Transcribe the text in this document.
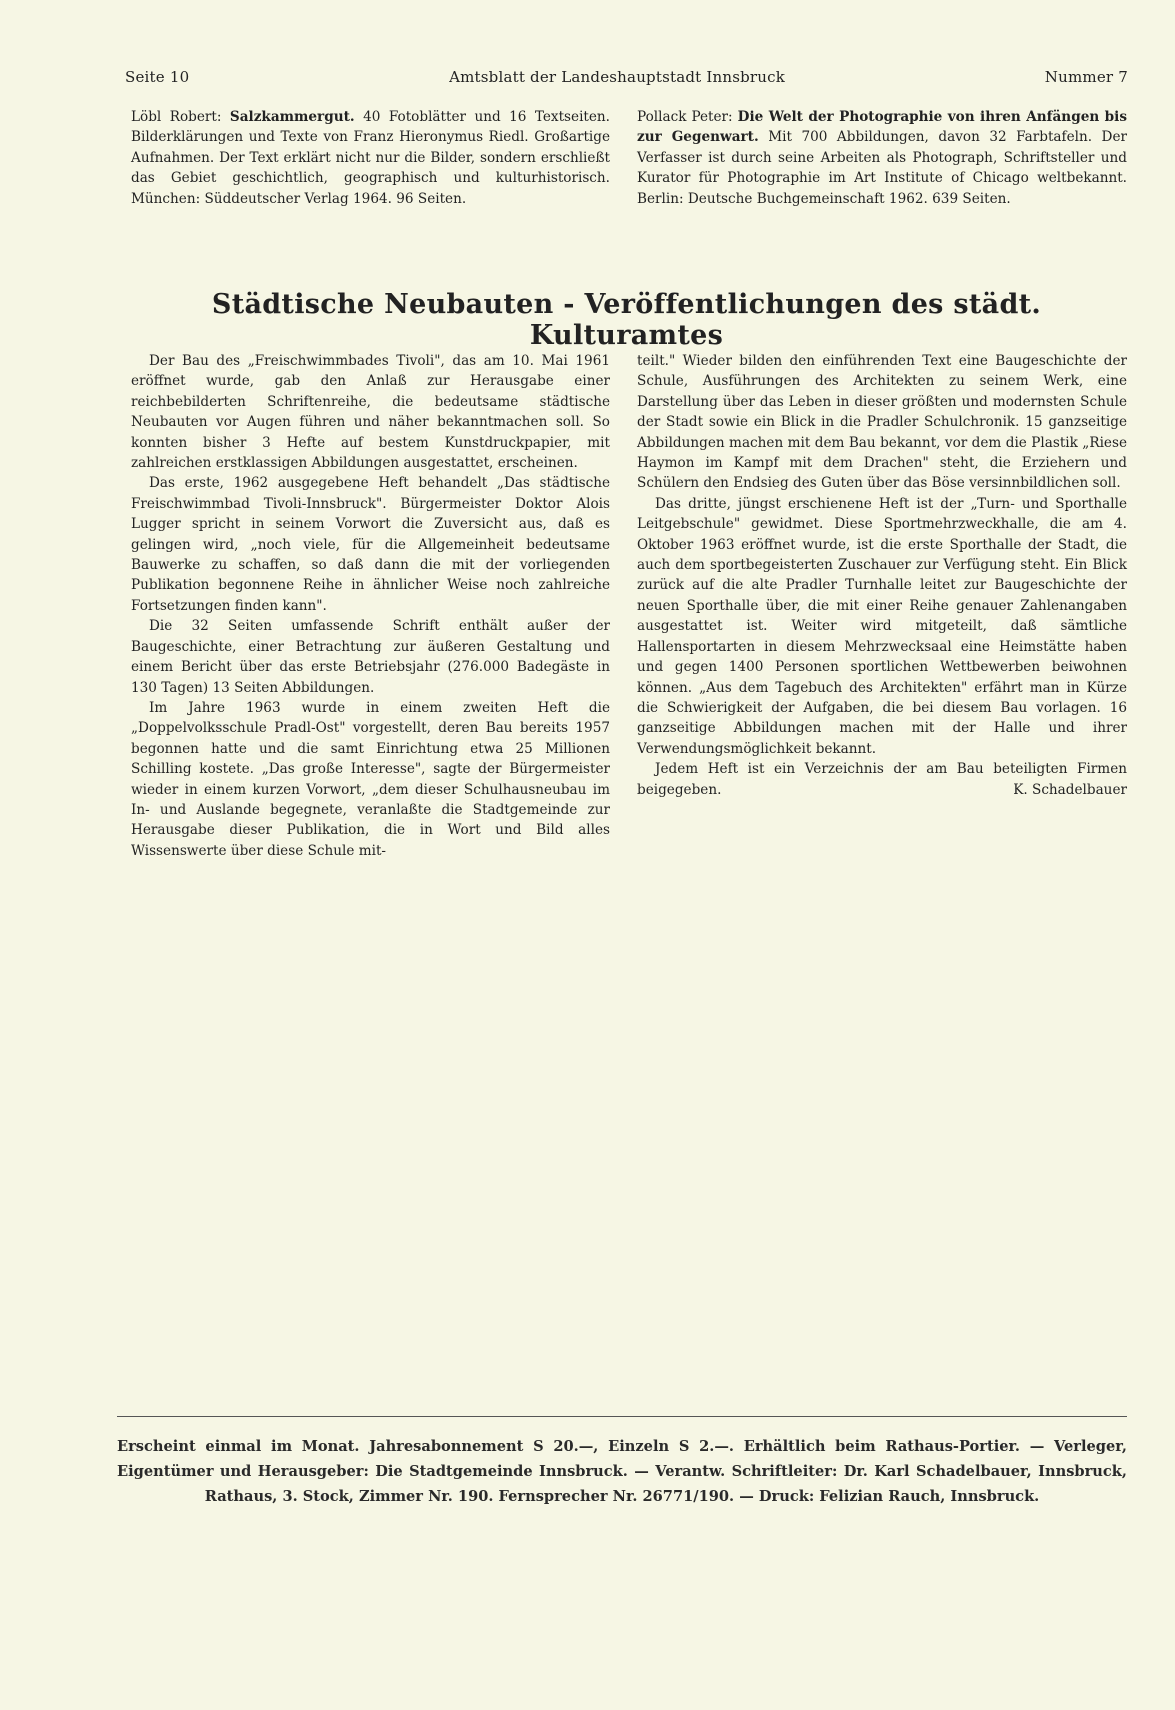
Seite 10	Amtsblatt der Landeshauptstadt Innsbruck	Nummer 7

Löbl Robert: Salzkammergut. 40 Fotoblätter und 16 Textseiten. Bilderklärungen und Texte von Franz Hieronymus Riedl. Großartige Aufnahmen. Der Text erklärt nicht nur die Bilder, sondern erschließt das Gebiet geschichtlich, geographisch und kulturhistorisch. München: Süddeutscher Verlag 1964. 96 Seiten.

Pollack Peter: Die Welt der Photographie von ihren Anfängen bis zur Gegenwart. Mit 700 Abbildungen, davon 32 Farbtafeln. Der Verfasser ist durch seine Arbeiten als Photograph, Schriftsteller und Kurator für Photographie im Art Institute of Chicago weltbekannt. Berlin: Deutsche Buchgemeinschaft 1962. 639 Seiten.

Städtische Neubauten - Veröffentlichungen des städt. Kulturamtes

Der Bau des „Freischwimmbades Tivoli", das am 10. Mai 1961 eröffnet wurde, gab den Anlaß zur Herausgabe einer reichbebilderten Schriftenreihe, die bedeutsame städtische Neubauten vor Augen führen und näher bekanntmachen soll. So konnten bisher 3 Hefte auf bestem Kunstdruckpapier, mit zahlreichen erstklassigen Abbildungen ausgestattet, erscheinen.

Das erste, 1962 ausgegebene Heft behandelt „Das städtische Freischwimmbad Tivoli-Innsbruck". Bürgermeister Doktor Alois Lugger spricht in seinem Vorwort die Zuversicht aus, daß es gelingen wird, „noch viele, für die Allgemeinheit bedeutsame Bauwerke zu schaffen, so daß dann die mit der vorliegenden Publikation begonnene Reihe in ähnlicher Weise noch zahlreiche Fortsetzungen finden kann".

Die 32 Seiten umfassende Schrift enthält außer der Baugeschichte, einer Betrachtung zur äußeren Gestaltung und einem Bericht über das erste Betriebsjahr (276.000 Badegäste in 130 Tagen) 13 Seiten Abbildungen.

Im Jahre 1963 wurde in einem zweiten Heft die „Doppelvolksschule Pradl-Ost" vorgestellt, deren Bau bereits 1957 begonnen hatte und die samt Einrichtung etwa 25 Millionen Schilling kostete. „Das große Interesse", sagte der Bürgermeister wieder in einem kurzen Vorwort, „dem dieser Schulhausneubau im In- und Auslande begegnete, veranlaßte die Stadtgemeinde zur Herausgabe dieser Publikation, die in Wort und Bild alles Wissenswerte über diese Schule mit-

teilt." Wieder bilden den einführenden Text eine Baugeschichte der Schule, Ausführungen des Architekten zu seinem Werk, eine Darstellung über das Leben in dieser größten und modernsten Schule der Stadt sowie ein Blick in die Pradler Schulchronik. 15 ganzseitige Abbildungen machen mit dem Bau bekannt, vor dem die Plastik „Riese Haymon im Kampf mit dem Drachen" steht, die Erziehern und Schülern den Endsieg des Guten über das Böse versinnbildlichen soll.

Das dritte, jüngst erschienene Heft ist der „Turn- und Sporthalle Leitgebschule" gewidmet. Diese Sportmehrzweckhalle, die am 4. Oktober 1963 eröffnet wurde, ist die erste Sporthalle der Stadt, die auch dem sportbegeisterten Zuschauer zur Verfügung steht. Ein Blick zurück auf die alte Pradler Turnhalle leitet zur Baugeschichte der neuen Sporthalle über, die mit einer Reihe genauer Zahlenangaben ausgestattet ist. Weiter wird mitgeteilt, daß sämtliche Hallensportarten in diesem Mehrzwecksaal eine Heimstätte haben und gegen 1400 Personen sportlichen Wettbewerben beiwohnen können. „Aus dem Tagebuch des Architekten" erfährt man in Kürze die Schwierigkeit der Aufgaben, die bei diesem Bau vorlagen. 16 ganzseitige Abbildungen machen mit der Halle und ihrer Verwendungsmöglichkeit bekannt.

Jedem Heft ist ein Verzeichnis der am Bau beteiligten Firmen beigegeben.	K. Schadelbauer

Erscheint einmal im Monat. Jahresabonnement S 20.—, Einzeln S 2.—. Erhältlich beim Rathaus-Portier. — Verleger, Eigentümer und Herausgeber: Die Stadtgemeinde Innsbruck. — Verantw. Schriftleiter: Dr. Karl Schadelbauer, Innsbruck, Rathaus, 3. Stock, Zimmer Nr. 190. Fernsprecher Nr. 26771/190. — Druck: Felizian Rauch, Innsbruck.
